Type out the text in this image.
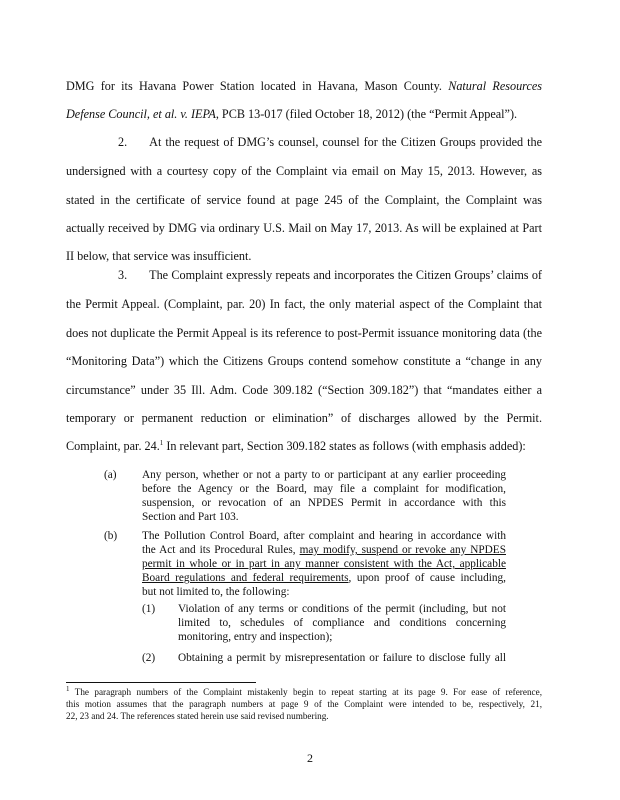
DMG for its Havana Power Station located in Havana, Mason County. Natural Resources
Defense Council, et al. v. IEPA, PCB 13-017 (filed October 18, 2012) (the “Permit Appeal”).
2. At the request of DMG’s counsel, counsel for the Citizen Groups provided the
undersigned with a courtesy copy of the Complaint via email on May 15, 2013. However, as
stated in the certificate of service found at page 245 of the Complaint, the Complaint was
actually received by DMG via ordinary U.S. Mail on May 17, 2013. As will be explained at Part
II below, that service was insufficient.
3. The Complaint expressly repeats and incorporates the Citizen Groups’ claims of
the Permit Appeal. (Complaint, par. 20) In fact, the only material aspect of the Complaint that
does not duplicate the Permit Appeal is its reference to post-Permit issuance monitoring data (the
“Monitoring Data”) which the Citizens Groups contend somehow constitute a “change in any
circumstance” under 35 Ill. Adm. Code 309.182 (“Section 309.182”) that “mandates either a
temporary or permanent reduction or elimination” of discharges allowed by the Permit.
Complaint, par. 24.$^1$ In relevant part, Section 309.182 states as follows (with emphasis added):
(a) Any person, whether or not a party to or participant at any earlier proceeding
before the Agency or the Board, may file a complaint for modification,
suspension, or revocation of an NPDES Permit in accordance with this
Section and Part 103.
(b) The Pollution Control Board, after complaint and hearing in accordance with
the Act and its Procedural Rules, may modify, suspend or revoke any NPDES
permit in whole or in part in any manner consistent with the Act, applicable
Board regulations and federal requirements, upon proof of cause including,
but not limited to, the following:
(1) Violation of any terms or conditions of the permit (including, but not
limited to, schedules of compliance and conditions concerning
monitoring, entry and inspection);
(2) Obtaining a permit by misrepresentation or failure to disclose fully all
$^1$ The paragraph numbers of the Complaint mistakenly begin to repeat starting at its page 9. For ease of reference,
this motion assumes that the paragraph numbers at page 9 of the Complaint were intended to be, respectively, 21,
22, 23 and 24. The references stated herein use said revised numbering.
2
